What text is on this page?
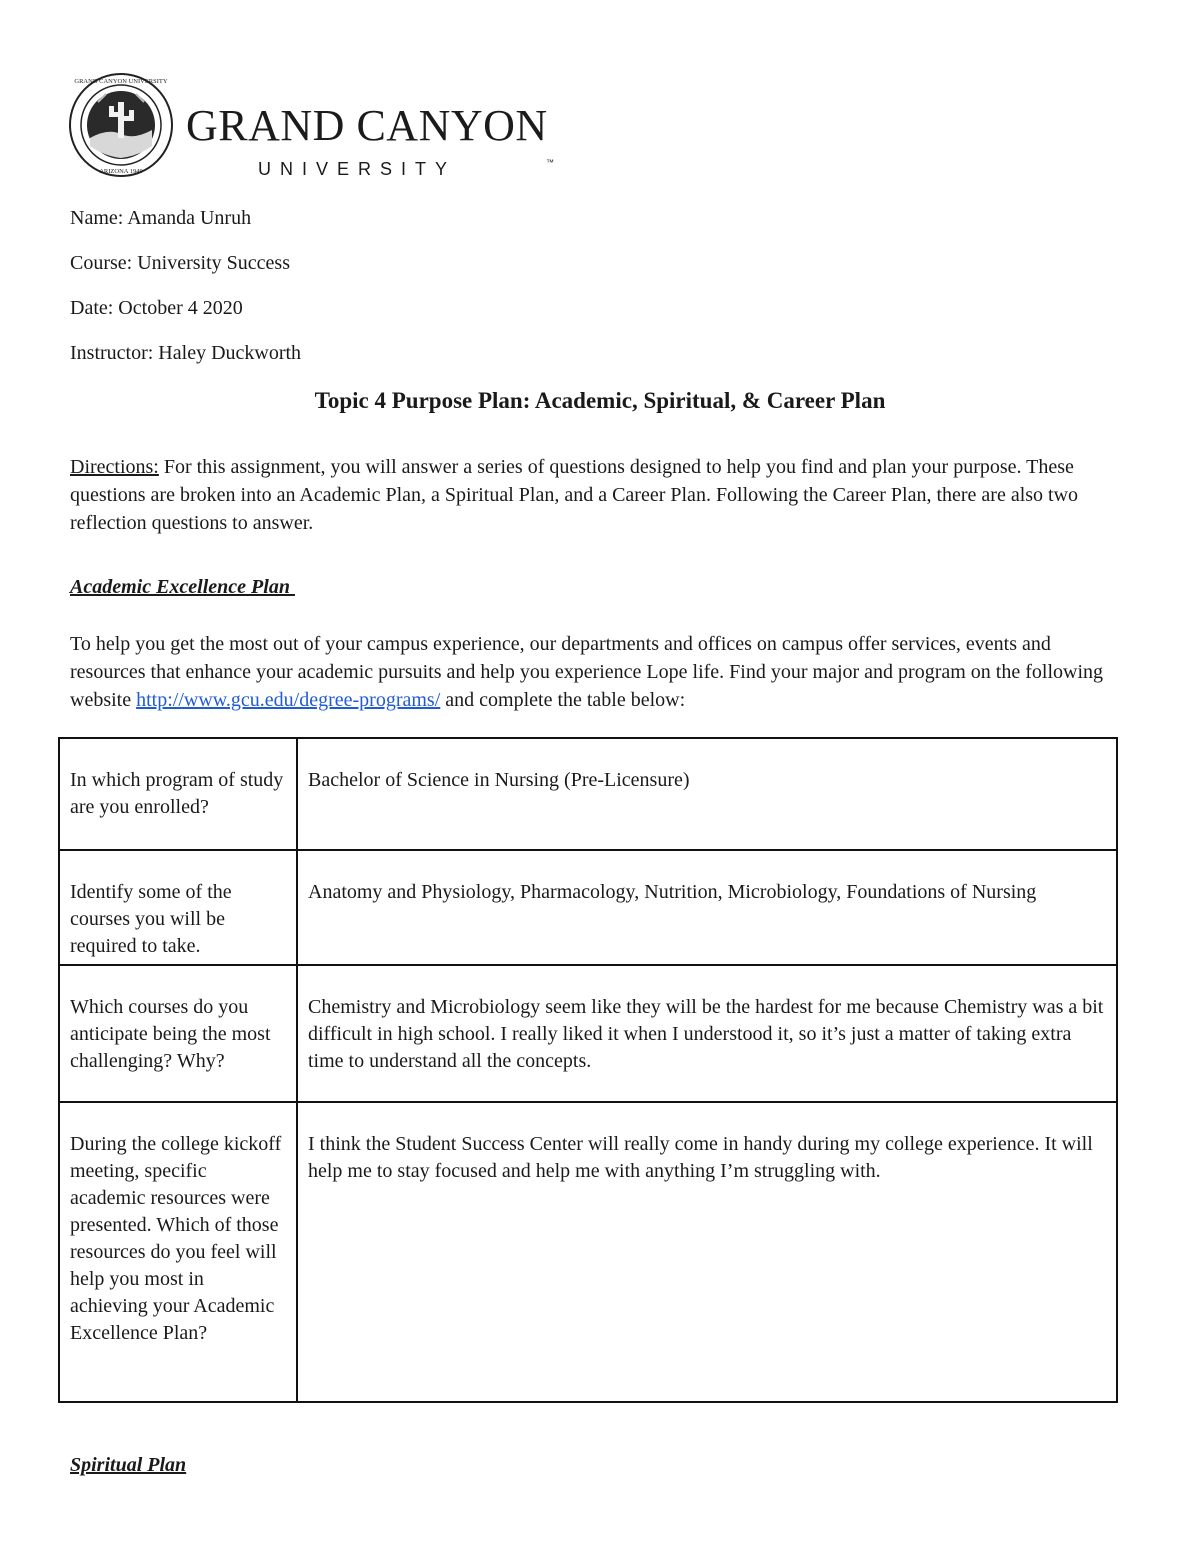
GRAND CANYON UNIVERSITY
ARIZONA 1949
GRAND CANYON
UNIVERSITY	™
Name: Amanda Unruh
Course: University Success
Date: October 4 2020
Instructor: Haley Duckworth
Topic 4 Purpose Plan: Academic, Spiritual, & Career Plan
Directions: For this assignment, you will answer a series of questions designed to help you find and plan your purpose. These questions are broken into an Academic Plan, a Spiritual Plan, and a Career Plan. Following the Career Plan, there are also two reflection questions to answer.
Academic Excellence Plan
To help you get the most out of your campus experience, our departments and offices on campus offer services, events and resources that enhance your academic pursuits and help you experience Lope life. Find your major and program on the following website http://www.gcu.edu/degree-programs/ and complete the table below:
In which program of study are you enrolled?	Bachelor of Science in Nursing (Pre-Licensure)
Identify some of the courses you will be required to take.	Anatomy and Physiology, Pharmacology, Nutrition, Microbiology, Foundations of Nursing
Which courses do you anticipate being the most challenging? Why?	Chemistry and Microbiology seem like they will be the hardest for me because Chemistry was a bit difficult in high school. I really liked it when I understood it, so it’s just a matter of taking extra time to understand all the concepts.
During the college kickoff meeting, specific academic resources were presented. Which of those resources do you feel will help you most in achieving your Academic Excellence Plan?	I think the Student Success Center will really come in handy during my college experience. It will help me to stay focused and help me with anything I’m struggling with.
Spiritual Plan
